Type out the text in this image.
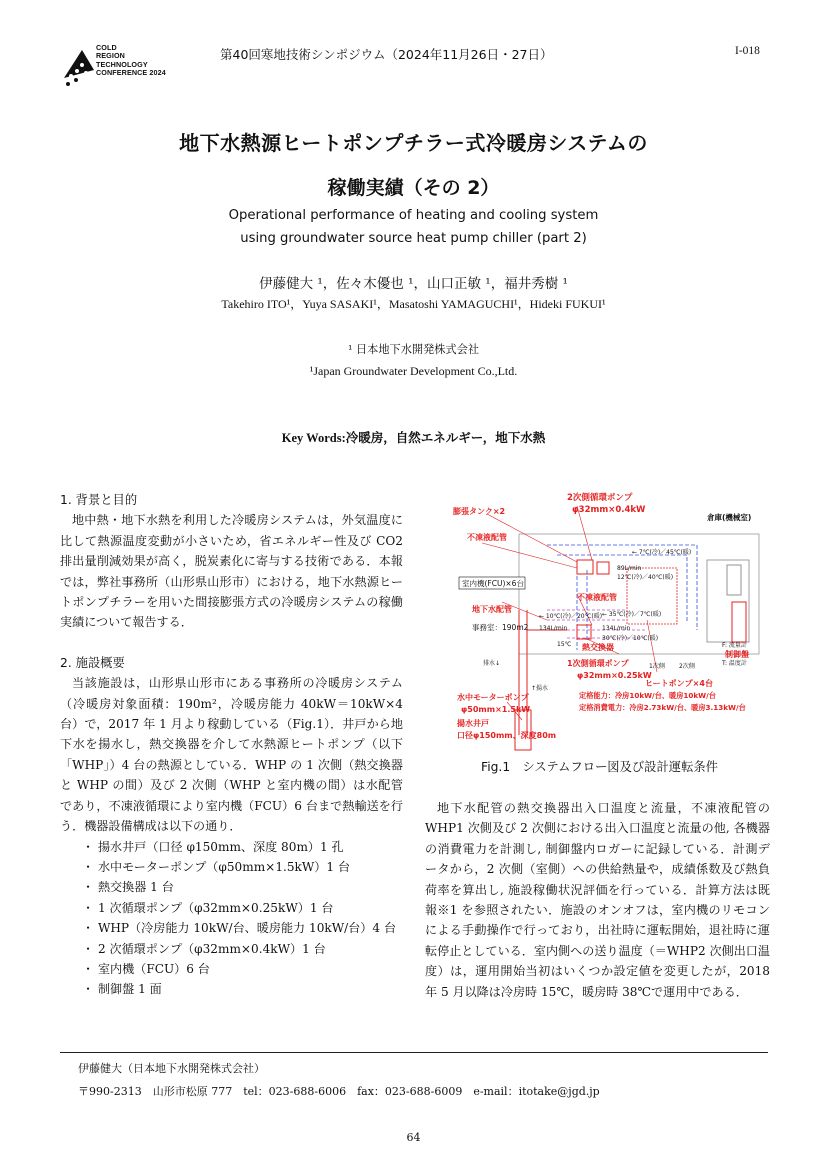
COLD
REGION
TECHNOLOGY
CONFERENCE 2024
第40回寒地技術シンポジウム（2024年11月26日・27日）	I-018
地下水熱源ヒートポンプチラー式冷暖房システムの
稼働実績（その 2）
Operational performance of heating and cooling system
using groundwater source heat pump chiller (part 2)
伊藤健大 ¹，佐々木優也 ¹，山口正敏 ¹，福井秀樹 ¹
Takehiro ITO¹，Yuya SASAKI¹，Masatoshi YAMAGUCHI¹，Hideki FUKUI¹
¹ 日本地下水開発株式会社
¹Japan Groundwater Development Co.,Ltd.
Key Words:冷暖房，自然エネルギー，地下水熱
1. 背景と目的

地中熱・地下水熱を利用した冷暖房システムは，外気温度に比して熱源温度変動が小さいため，省エネルギー性及び CO2 排出量削減効果が高く，脱炭素化に寄与する技術である．本報では，弊社事務所（山形県山形市）における，地下水熱源ヒートポンプチラーを用いた間接膨張方式の冷暖房システムの稼働実績について報告する．

2. 施設概要

当該施設は，山形県山形市にある事務所の冷暖房システム（冷暖房対象面積：190m²，冷暖房能力 40kW＝10kW×4 台）で，2017 年 1 月より稼動している（Fig.1）．井戸から地下水を揚水し，熱交換器を介して水熱源ヒートポンプ（以下「WHP」）4 台の熱源としている．WHP の 1 次側（熱交換器と WHP の間）及び 2 次側（WHP と室内機の間）は水配管であり，不凍液循環により室内機（FCU）6 台まで熱輸送を行う．機器設備構成は以下の通り．

・ 揚水井戸（口径 φ150mm、深度 80m）1 孔

・ 水中モーターポンプ（φ50mm×1.5kW）1 台

・ 熱交換器 1 台

・ 1 次循環ポンプ（φ32mm×0.25kW）1 台

・ WHP（冷房能力 10kW/台、暖房能力 10kW/台）4 台

・ 2 次循環ポンプ（φ32mm×0.4kW）1 台

・ 室内機（FCU）6 台

・ 制御盤 1 面

2次側循環ポンプ
φ32mm×0.4kW
膨張タンク×2
不凍液配管
倉庫(機械室)
室内機(FCU)×6台
不凍液配管
地下水配管
事務室：190m2
熱交換器
1次側循環ポンプ
φ32mm×0.25kW
ヒートポンプ×4台
定格能力：冷房10kW/台、暖房10kW/台
定格消費電力：冷房2.73kW/台、暖房3.13kW/台
水中モーターポンプ
φ50mm×1.5kW
揚水井戸
口径φ150mm、深度80m
制御盤
← 7℃(冷)／45℃(暖)
89L/min
12℃(冷)／40℃(暖)
← 10℃(冷)／20℃(暖) ← 35℃(冷)／7℃(暖)
134L/min	134L/min
30℃(冷)／10℃(暖)
15℃
排水↓
↑揚水
1次側 2次側
F: 流量計
T: 温度計
Fig.1　システムフロー図及び設計運転条件

地下水配管の熱交換器出入口温度と流量，不凍液配管の WHP1 次側及び 2 次側における出入口温度と流量の他, 各機器の消費電力を計測し, 制御盤内ロガーに記録している．計測データから，2 次側（室側）への供給熱量や，成績係数及び熱負荷率を算出し, 施設稼働状況評価を行っている．計算方法は既報※1 を参照されたい．施設のオンオフは，室内機のリモコンによる手動操作で行っており，出社時に運転開始，退社時に運転停止としている．室内側への送り温度（＝WHP2 次側出口温度）は，運用開始当初はいくつか設定値を変更したが，2018 年 5 月以降は冷房時 15℃，暖房時 38℃で運用中である．

伊藤健大（日本地下水開発株式会社）
〒990-2313　山形市松原 777　tel：023-688-6006　fax：023-688-6009　e-mail：itotake@jgd.jp
64
